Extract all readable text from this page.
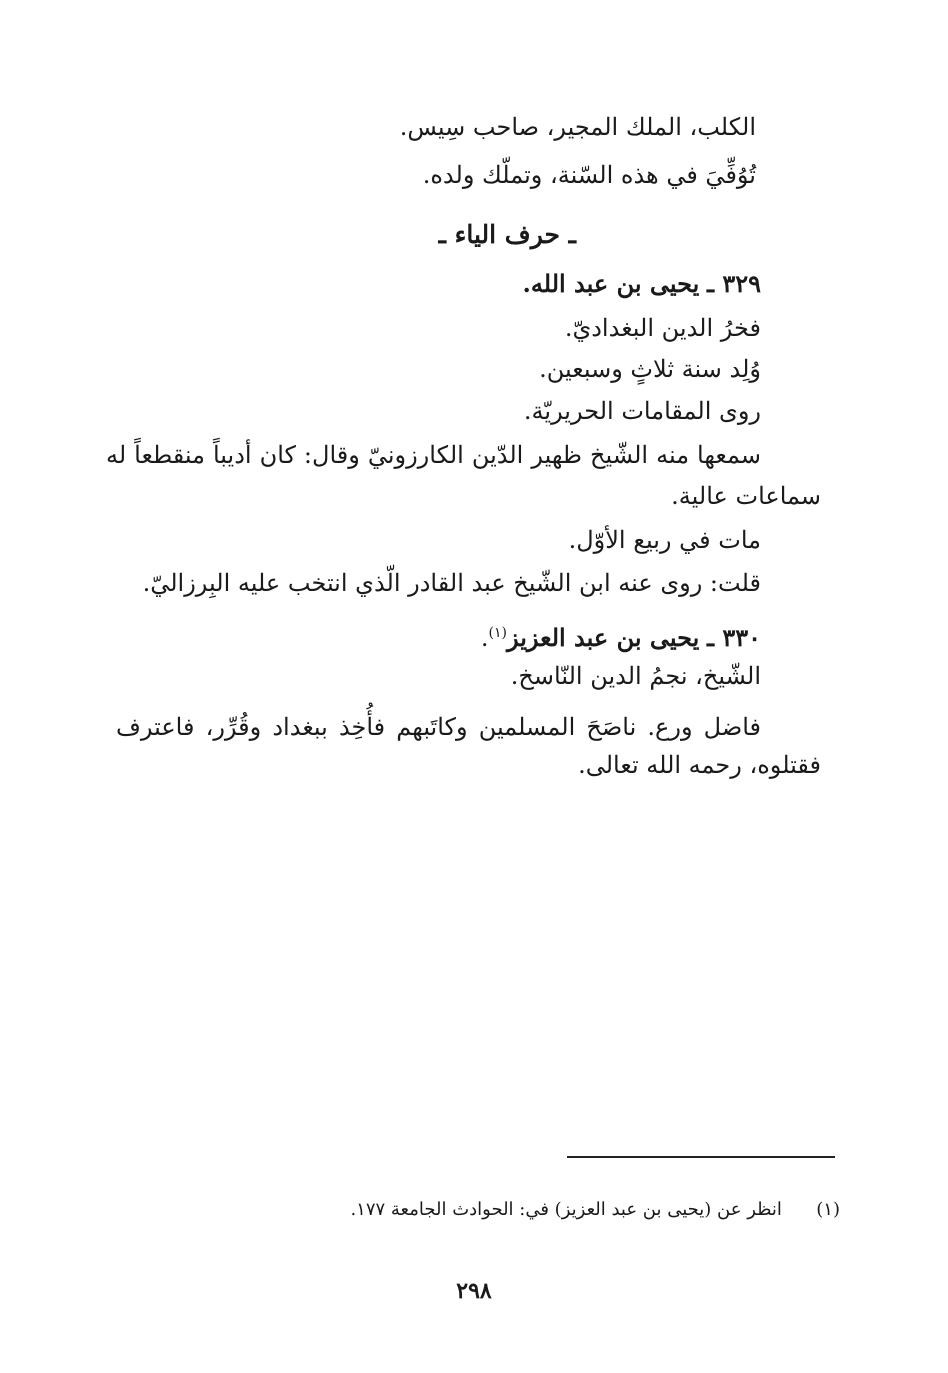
الكلب، الملك المجير، صاحب سِيس.
تُوُفِّيَ في هذه السّنة، وتملّك ولده.
ـ حرف الياء ـ
٣٢٩ ـ يحيى بن عبد الله.
فخرُ الدين البغداديّ.
وُلِد سنة ثلاثٍ وسبعين.
روى المقامات الحريريّة.
سمعها منه الشّيخ ظهير الدّين الكارزونيّ وقال: كان أديباً منقطعاً له
سماعات عالية.
مات في ربيع الأوّل.
قلت: روى عنه ابن الشّيخ عبد القادر الّذي انتخب عليه البِرزاليّ.
٣٣٠ ـ يحيى بن عبد العزيز$^{(١)}$.
الشّيخ، نجمُ الدين النّاسخ.
فاضل ورع. ناصَحَ المسلمين وكاتَبهم فأُخِذ ببغداد وقُرِّر، فاعترف
فقتلوه، رحمه الله تعالى.
(١)      انظر عن (يحيى بن عبد العزيز) في: الحوادث الجامعة ١٧٧.
٢٩٨
